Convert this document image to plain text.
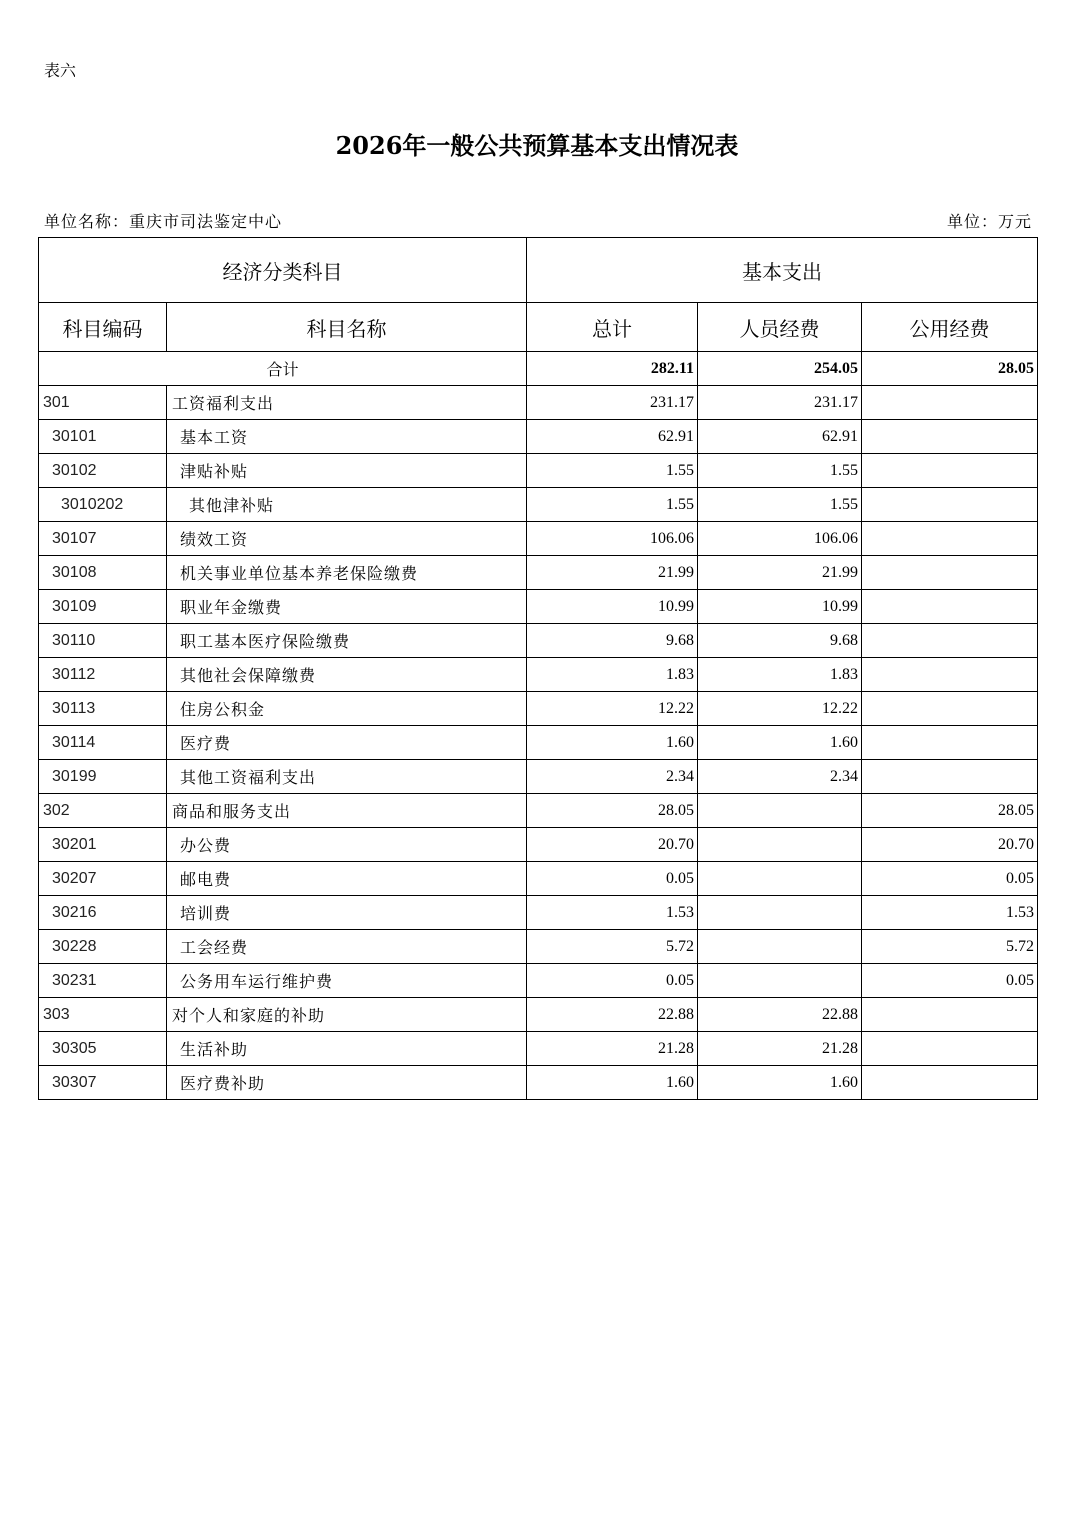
表六
2026年一般公共预算基本支出情况表
单位名称：重庆市司法鉴定中心	单位：万元
经济分类科目		基本支出		
科目编码	科目名称	总计	人员经费	公用经费
合计		282.11	254.05	28.05
301	工资福利支出	231.17	231.17	
30101	基本工资	62.91	62.91	
30102	津贴补贴	1.55	1.55	
3010202	其他津补贴	1.55	1.55	
30107	绩效工资	106.06	106.06	
30108	机关事业单位基本养老保险缴费	21.99	21.99	
30109	职业年金缴费	10.99	10.99	
30110	职工基本医疗保险缴费	9.68	9.68	
30112	其他社会保障缴费	1.83	1.83	
30113	住房公积金	12.22	12.22	
30114	医疗费	1.60	1.60	
30199	其他工资福利支出	2.34	2.34	
302	商品和服务支出	28.05		28.05
30201	办公费	20.70		20.70
30207	邮电费	0.05		0.05
30216	培训费	1.53		1.53
30228	工会经费	5.72		5.72
30231	公务用车运行维护费	0.05		0.05
303	对个人和家庭的补助	22.88	22.88	
30305	生活补助	21.28	21.28	
30307	医疗费补助	1.60	1.60	
